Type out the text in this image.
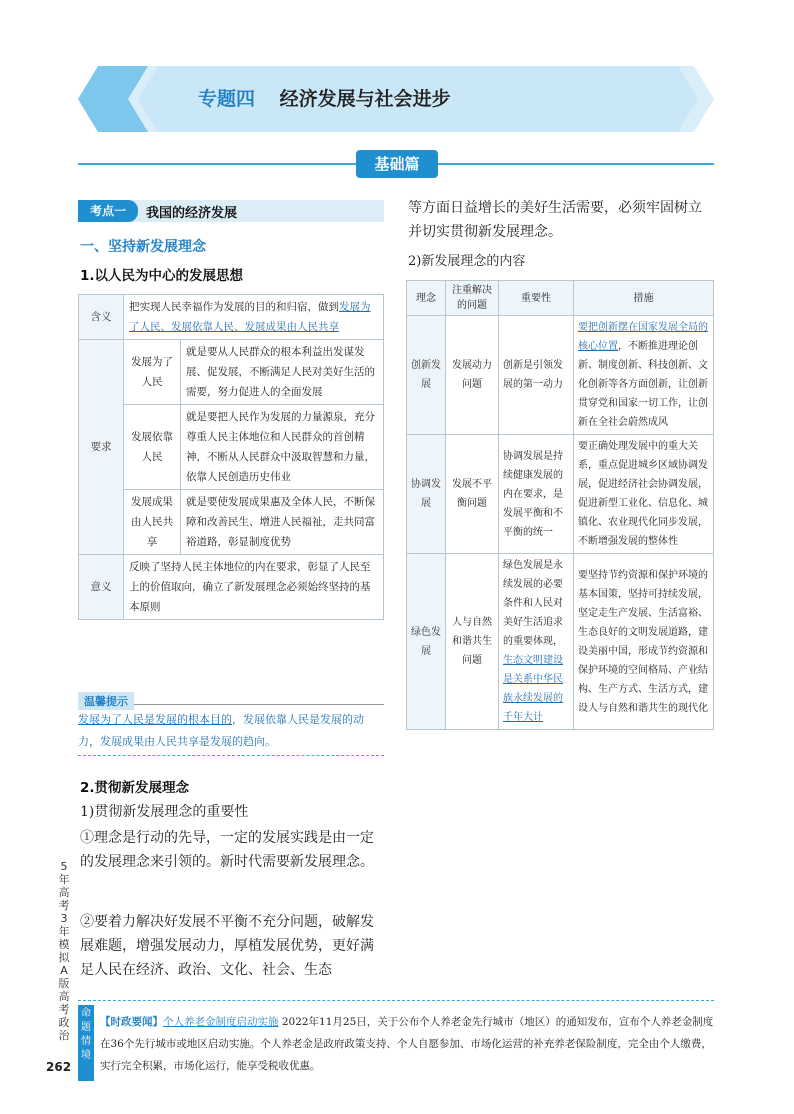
专题四 经济发展与社会进步
基础篇
考点一	我国的经济发展
一、坚持新发展理念
1.以人民为中心的发展思想
含义	把实现人民幸福作为发展的目的和归宿，做到发展为了人民、发展依靠人民、发展成果由人民共享	
要求	发展为了人民	就是要从人民群众的根本利益出发谋发展、促发展，不断满足人民对美好生活的需要，努力促进人的全面发展
	发展依靠人民	就是要把人民作为发展的力量源泉，充分尊重人民主体地位和人民群众的首创精神，不断从人民群众中汲取智慧和力量，依靠人民创造历史伟业
	发展成果由人民共享	就是要使发展成果惠及全体人民，不断保障和改善民生、增进人民福祉，走共同富裕道路，彰显制度优势
意义	反映了坚持人民主体地位的内在要求，彰显了人民至上的价值取向，确立了新发展理念必须始终坚持的基本原则	
温馨提示
发展为了人民是发展的根本目的，发展依靠人民是发展的动力，发展成果由人民共享是发展的趋向。
2.贯彻新发展理念
1)贯彻新发展理念的重要性
①理念是行动的先导，一定的发展实践是由一定的发展理念来引领的。新时代需要新发展理念。
②要着力解决好发展不平衡不充分问题，破解发展难题，增强发展动力，厚植发展优势，更好满足人民在经济、政治、文化、社会、生态
等方面日益增长的美好生活需要，必须牢固树立并切实贯彻新发展理念。
2)新发展理念的内容
理念	注重解决的问题	重要性	措施
创新发展	发展动力问题	创新是引领发展的第一动力	要把创新摆在国家发展全局的核心位置，不断推进理论创新、制度创新、科技创新、文化创新等各方面创新，让创新贯穿党和国家一切工作，让创新在全社会蔚然成风
协调发展	发展不平衡问题	协调发展是持续健康发展的内在要求，是发展平衡和不平衡的统一	要正确处理发展中的重大关系，重点促进城乡区域协调发展，促进经济社会协调发展，促进新型工业化、信息化、城镇化、农业现代化同步发展，不断增强发展的整体性
绿色发展	人与自然和谐共生问题	绿色发展是永续发展的必要条件和人民对美好生活追求的重要体现，生态文明建设是关系中华民族永续发展的千年大计	要坚持节约资源和保护环境的基本国策，坚持可持续发展，坚定走生产发展、生活富裕、生态良好的文明发展道路，建设美丽中国，形成节约资源和保护环境的空间格局、产业结构、生产方式、生活方式，建设人与自然和谐共生的现代化
5年高考3年模拟 A版 高考政治
262
命题情境
【时政要闻】个人养老金制度启动实施 2022年11月25日，关于公布个人养老金先行城市（地区）的通知发布，宣布个人养老金制度在36个先行城市或地区启动实施。个人养老金是政府政策支持、个人自愿参加、市场化运营的补充养老保险制度，完全由个人缴费，实行完全积累，市场化运行，能享受税收优惠。
